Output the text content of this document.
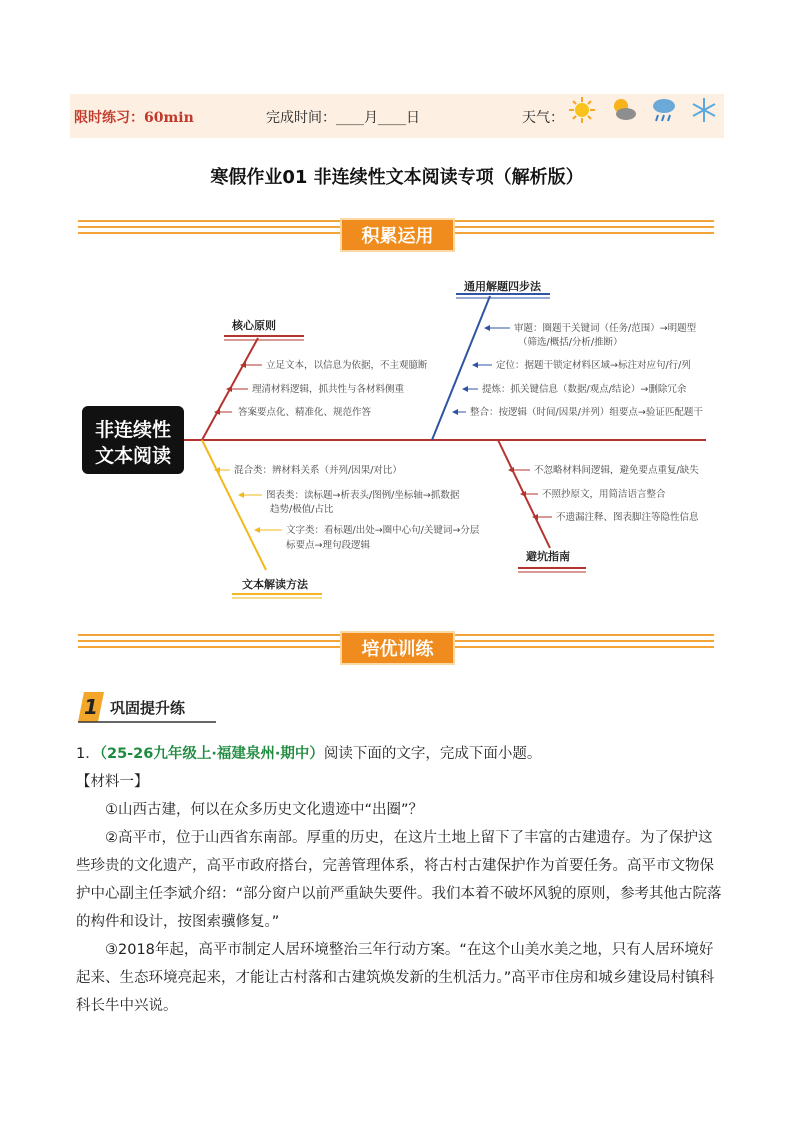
限时练习：60min	完成时间：____月____日	天气：
寒假作业01 非连续性文本阅读专项（解析版）
积累运用
非连续性
文本阅读
核心原则
立足文本，以信息为依据，不主观臆断
理清材料逻辑，抓共性与各材料侧重
答案要点化、精准化、规范作答
通用解题四步法
审题：圈题干关键词（任务/范围）→明题型
（筛选/概括/分析/推断）
定位：据题干锁定材料区域→标注对应句/行/列
提炼：抓关键信息（数据/观点/结论）→删除冗余
整合：按逻辑（时间/因果/并列）组要点→验证匹配题干
文本解读方法
混合类：辨材料关系（并列/因果/对比）
图表类：读标题→析表头/图例/坐标轴→抓数据
趋势/极值/占比
文字类：看标题/出处→圈中心句/关键词→分层
标要点→理句段逻辑
避坑指南
不忽略材料间逻辑，避免要点重复/缺失
不照抄原文，用简洁语言整合
不遗漏注释、图表脚注等隐性信息
培优训练
1 巩固提升练

1．（25-26九年级上·福建泉州·期中）阅读下面的文字，完成下面小题。

【材料一】

①山西古建，何以在众多历史文化遗迹中“出圈”？

②高平市，位于山西省东南部。厚重的历史，在这片土地上留下了丰富的古建遗存。为了保护这些珍贵的文化遗产，高平市政府搭台，完善管理体系，将古村古建保护作为首要任务。高平市文物保护中心副主任李斌介绍：“部分窗户以前严重缺失要件。我们本着不破坏风貌的原则，参考其他古院落的构件和设计，按图索骥修复。”

③2018年起，高平市制定人居环境整治三年行动方案。“在这个山美水美之地，只有人居环境好起来、生态环境亮起来，才能让古村落和古建筑焕发新的生机活力。”高平市住房和城乡建设局村镇科科长牛中兴说。
